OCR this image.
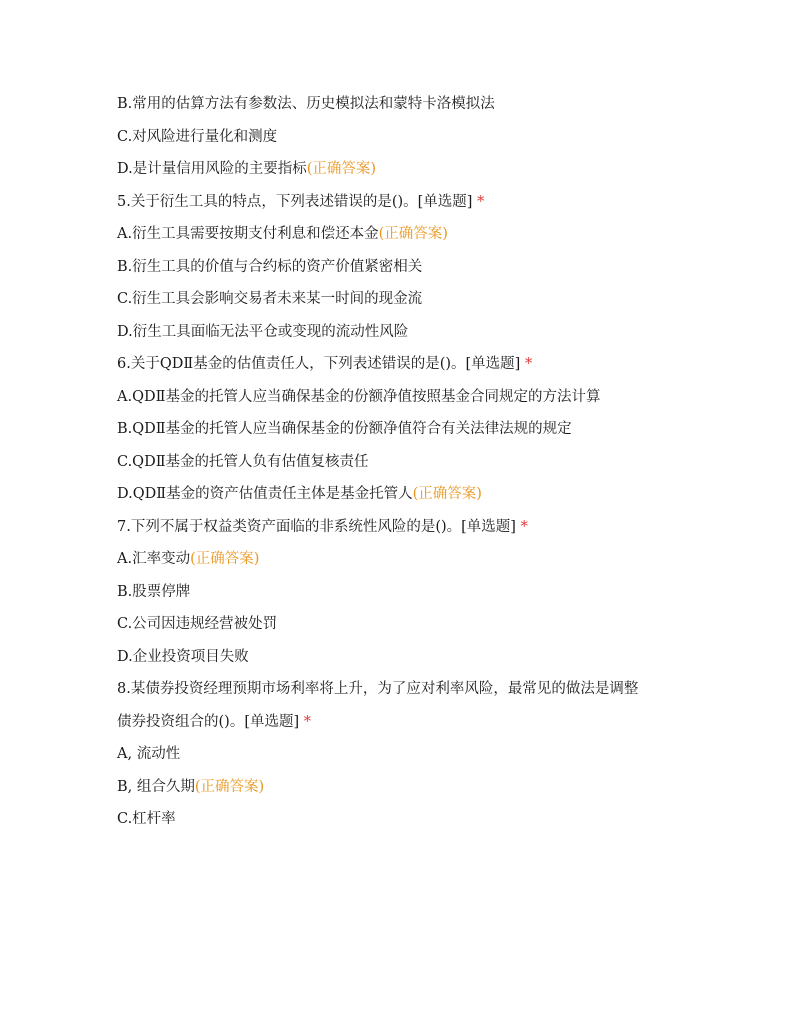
B.常用的估算方法有参数法、历史模拟法和蒙特卡洛模拟法
C.对风险进行量化和测度
D.是计量信用风险的主要指标(正确答案)
5.关于衍生工具的特点，下列表述错误的是()。[单选题] *
A.衍生工具需要按期支付利息和偿还本金(正确答案)
B.衍生工具的价值与合约标的资产价值紧密相关
C.衍生工具会影响交易者未来某一时间的现金流
D.衍生工具面临无法平仓或变现的流动性风险
6.关于QDⅡ基金的估值责任人，下列表述错误的是()。[单选题] *
A.QDⅡ基金的托管人应当确保基金的份额净值按照基金合同规定的方法计算
B.QDⅡ基金的托管人应当确保基金的份额净值符合有关法律法规的规定
C.QDⅡ基金的托管人负有估值复核责任
D.QDⅡ基金的资产估值责任主体是基金托管人(正确答案)
7.下列不属于权益类资产面临的非系统性风险的是()。[单选题] *
A.汇率变动(正确答案)
B.股票停牌
C.公司因违规经营被处罚
D.企业投资项目失败
8.某债券投资经理预期市场利率将上升，为了应对利率风险，最常见的做法是调整
债券投资组合的()。[单选题] *
A, 流动性
B, 组合久期(正确答案)
C.杠杆率
